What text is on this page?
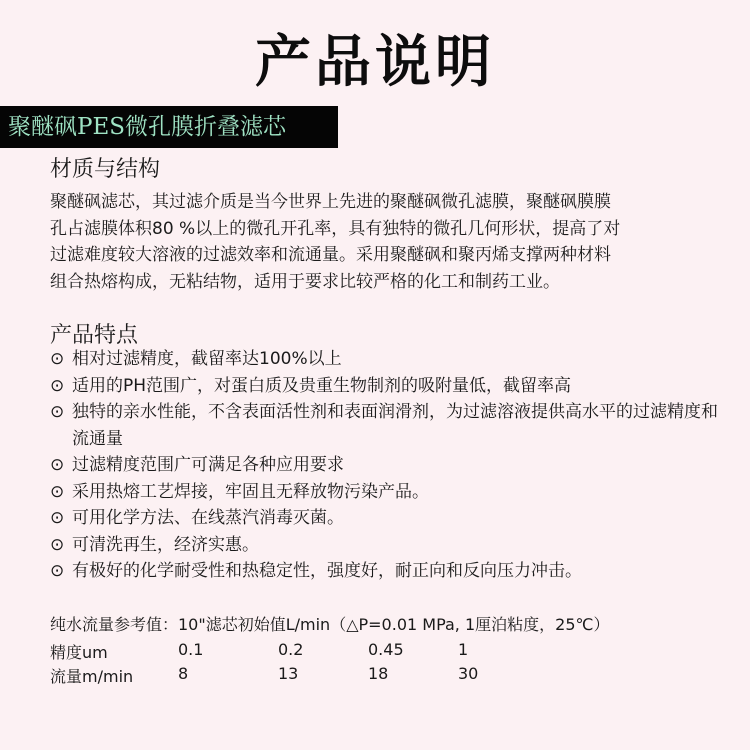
产品说明
聚醚砜PES微孔膜折叠滤芯
材质与结构
聚醚砜滤芯，其过滤介质是当今世界上先进的聚醚砜微孔滤膜，聚醚砜膜膜
孔占滤膜体积80 %以上的微孔开孔率，具有独特的微孔几何形状，提高了对
过滤难度较大溶液的过滤效率和流通量。采用聚醚砜和聚丙烯支撑两种材料
组合热熔构成，无粘结物，适用于要求比较严格的化工和制药工业。
产品特点
⊙ 相对过滤精度，截留率达100%以上
⊙ 适用的PH范围广，对蛋白质及贵重生物制剂的吸附量低，截留率高
⊙ 独特的亲水性能，不含表面活性剂和表面润滑剂，为过滤溶液提供高水平的过滤精度和流通量
⊙ 过滤精度范围广可满足各种应用要求
⊙ 采用热熔工艺焊接，牢固且无释放物污染产品。
⊙ 可用化学方法、在线蒸汽消毒灭菌。
⊙ 可清洗再生，经济实惠。
⊙ 有极好的化学耐受性和热稳定性，强度好，耐正向和反向压力冲击。
纯水流量参考值：10"滤芯初始值L/min（△P=0.01 MPa, 1厘泊粘度，25℃）
精度um	0.1	0.2	0.45	1
流量m/min	8	13	18	30
